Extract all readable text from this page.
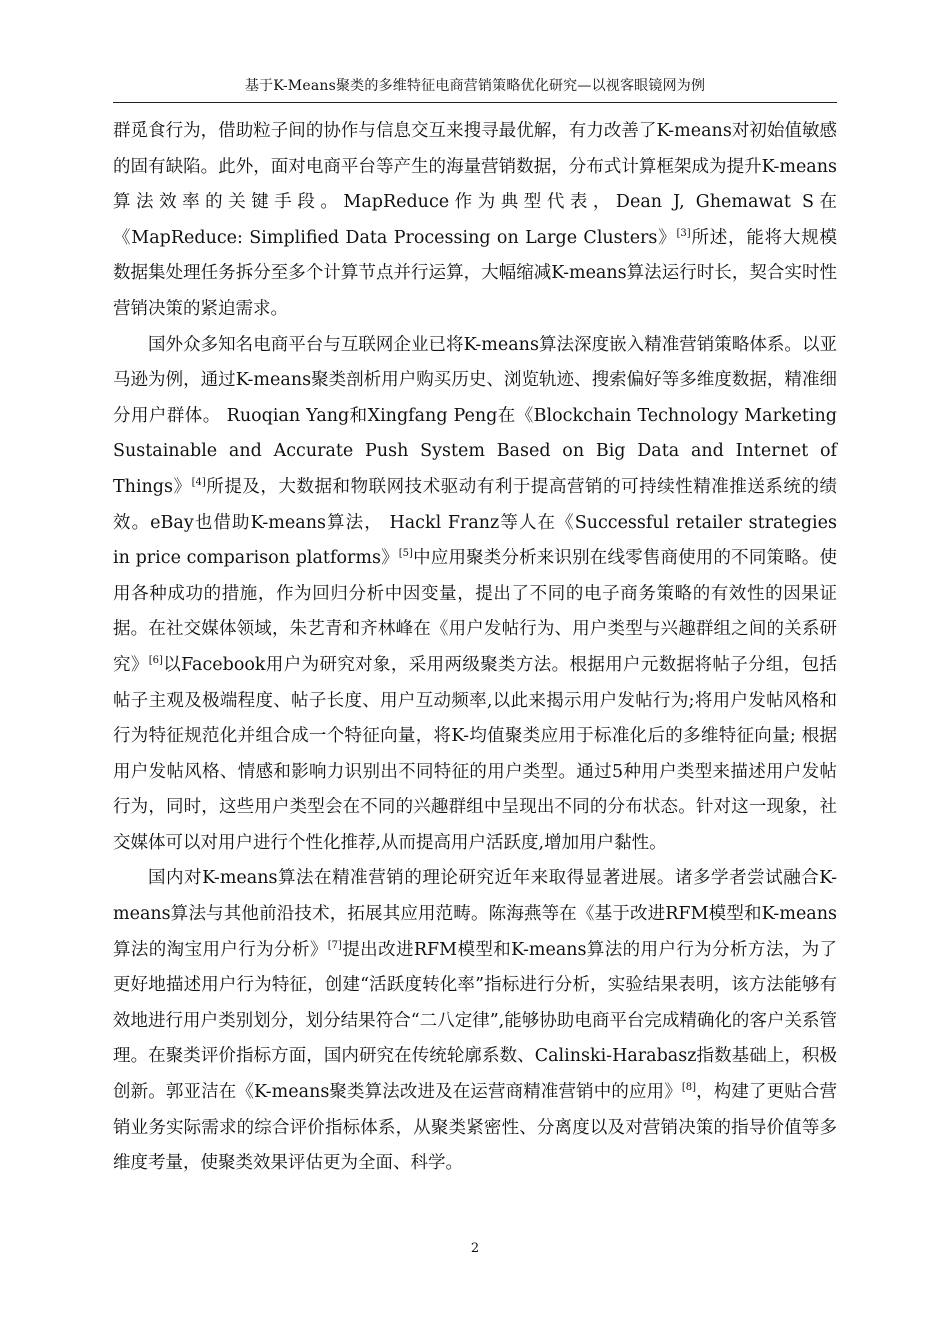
基于K-Means聚类的多维特征电商营销策略优化研究—以视客眼镜网为例

群觅食行为，借助粒子间的协作与信息交互来搜寻最优解，有力改善了K-means对初始值敏感的固有缺陷。此外，面对电商平台等产生的海量营销数据，分布式计算框架成为提升K-means算法效率的关键手段。MapReduce作为典型代表，Dean J, Ghemawat S在《MapReduce: Simplified Data Processing on Large Clusters》[3]所述，能将大规模数据集处理任务拆分至多个计算节点并行运算，大幅缩减K-means算法运行时长，契合实时性营销决策的紧迫需求。

国外众多知名电商平台与互联网企业已将K-means算法深度嵌入精准营销策略体系。以亚马逊为例，通过K-means聚类剖析用户购买历史、浏览轨迹、搜索偏好等多维度数据，精准细分用户群体。 Ruoqian Yang和Xingfang Peng在《Blockchain Technology Marketing Sustainable and Accurate Push System Based on Big Data and Internet of Things》[4]所提及，大数据和物联网技术驱动有利于提高营销的可持续性精准推送系统的绩效。eBay也借助K-means算法， Hackl Franz等人在《Successful retailer strategies in price comparison platforms》[5]中应用聚类分析来识别在线零售商使用的不同策略。使用各种成功的措施，作为回归分析中因变量，提出了不同的电子商务策略的有效性的因果证据。在社交媒体领域，朱艺青和齐林峰在《用户发帖行为、用户类型与兴趣群组之间的关系研究》[6]以Facebook用户为研究对象，采用两级聚类方法。根据用户元数据将帖子分组，包括帖子主观及极端程度、帖子长度、用户互动频率,以此来揭示用户发帖行为;将用户发帖风格和行为特征规范化并组合成一个特征向量，将K-均值聚类应用于标准化后的多维特征向量; 根据用户发帖风格、情感和影响力识别出不同特征的用户类型。通过5种用户类型来描述用户发帖行为，同时，这些用户类型会在不同的兴趣群组中呈现出不同的分布状态。针对这一现象，社交媒体可以对用户进行个性化推荐,从而提高用户活跃度,增加用户黏性。

国内对K-means算法在精准营销的理论研究近年来取得显著进展。诸多学者尝试融合K-means算法与其他前沿技术，拓展其应用范畴。陈海燕等在《基于改进RFM模型和K-means算法的淘宝用户行为分析》[7]提出改进RFM模型和K-means算法的用户行为分析方法，为了更好地描述用户行为特征，创建“活跃度转化率”指标进行分析，实验结果表明，该方法能够有效地进行用户类别划分，划分结果符合“二八定律”,能够协助电商平台完成精确化的客户关系管理。在聚类评价指标方面，国内研究在传统轮廓系数、Calinski-Harabasz指数基础上，积极创新。郭亚洁在《K-means聚类算法改进及在运营商精准营销中的应用》[8]，构建了更贴合营销业务实际需求的综合评价指标体系，从聚类紧密性、分离度以及对营销决策的指导价值等多维度考量，使聚类效果评估更为全面、科学。

2
